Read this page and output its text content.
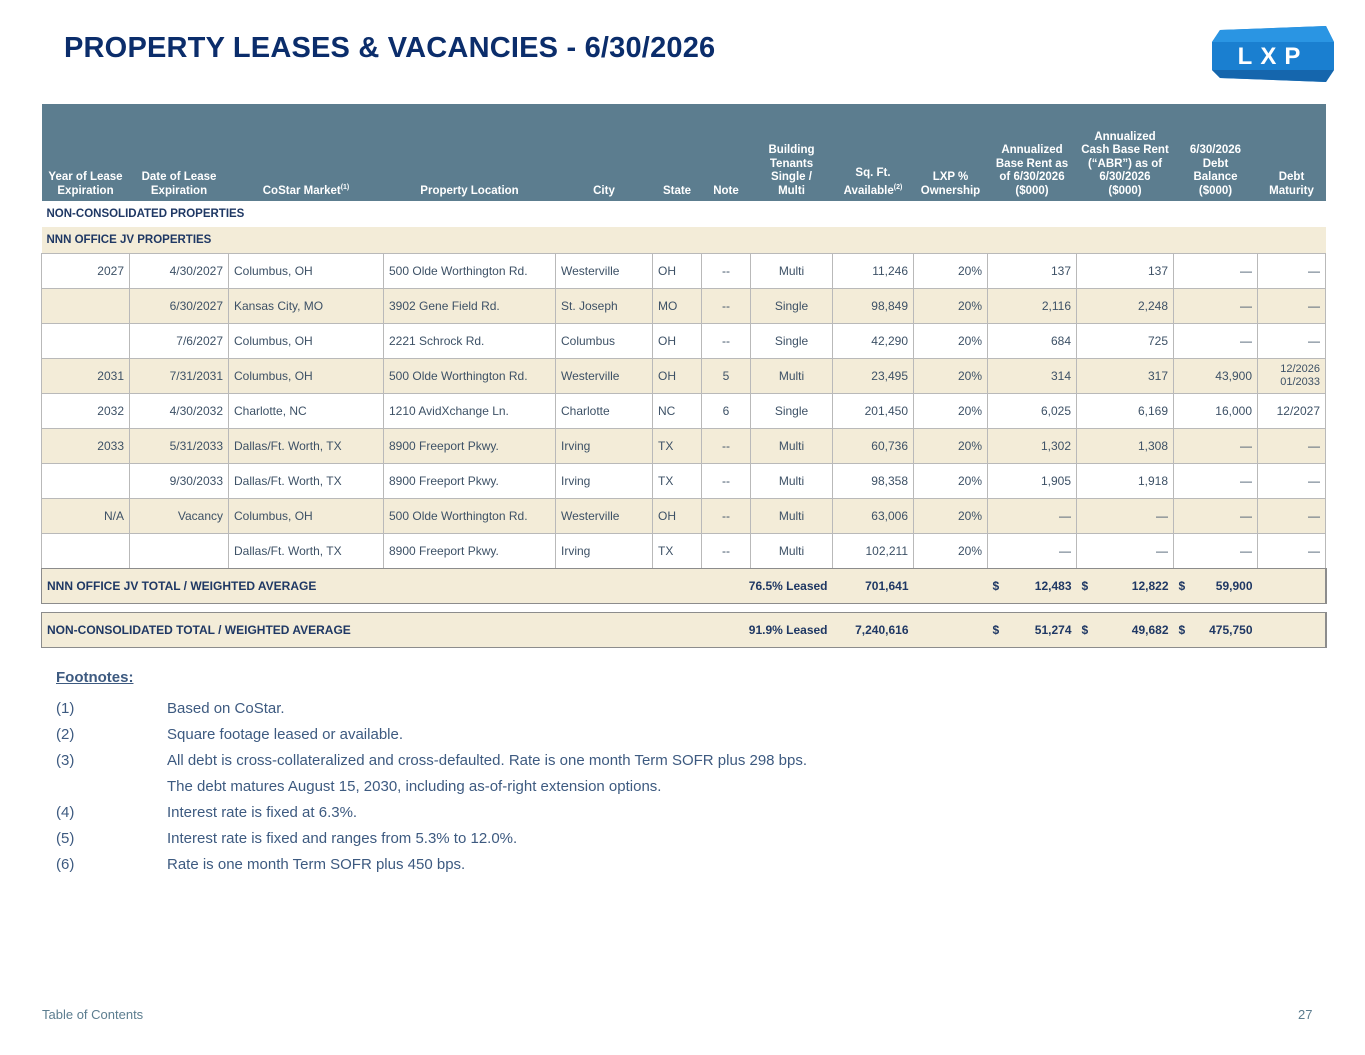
PROPERTY LEASES & VACANCIES - 6/30/2026	LXP
Year of Lease
Expiration	Date of Lease
Expiration	CoStar Market$^{(1)}$	Property Location	City	State	Note	Building
Tenants
Single /
Multi	Sq. Ft.
Available$^{(2)}$	LXP %
Ownership	Annualized
Base Rent as
of 6/30/2026
($000)	Annualized
Cash Base Rent
(“ABR”) as of
6/30/2026
($000)	6/30/2026
Debt
Balance
($000)	Debt
Maturity
NON-CONSOLIDATED PROPERTIES													
NNN OFFICE JV PROPERTIES													
2027	4/30/2027	Columbus, OH	500 Olde Worthington Rd.	Westerville	OH	--	Multi	11,246	20%	137	137	—	—
	6/30/2027	Kansas City, MO	3902 Gene Field Rd.	St. Joseph	MO	--	Single	98,849	20%	2,116	2,248	—	—
	7/6/2027	Columbus, OH	2221 Schrock Rd.	Columbus	OH	--	Single	42,290	20%	684	725	—	—
2031	7/31/2031	Columbus, OH	500 Olde Worthington Rd.	Westerville	OH	5	Multi	23,495	20%	314	317	43,900	12/2026
01/2033
2032	4/30/2032	Charlotte, NC	1210 AvidXchange Ln.	Charlotte	NC	6	Single	201,450	20%	6,025	6,169	16,000	12/2027
2033	5/31/2033	Dallas/Ft. Worth, TX	8900 Freeport Pkwy.	Irving	TX	--	Multi	60,736	20%	1,302	1,308	—	—
	9/30/2033	Dallas/Ft. Worth, TX	8900 Freeport Pkwy.	Irving	TX	--	Multi	98,358	20%	1,905	1,918	—	—
N/A	Vacancy	Columbus, OH	500 Olde Worthington Rd.	Westerville	OH	--	Multi	63,006	20%	—	—	—	—
		Dallas/Ft. Worth, TX	8900 Freeport Pkwy.	Irving	TX	--	Multi	102,211	20%	—	—	—	—
NNN OFFICE JV TOTAL / WEIGHTED AVERAGE					76.5% Leased			701,641		$ 12,483	$ 12,822	$ 59,900	

NON-CONSOLIDATED TOTAL / WEIGHTED AVERAGE					91.9% Leased			7,240,616		$ 51,274	$ 49,682	$ 475,750	
Footnotes:
(1)	Based on CoStar.
(2)	Square footage leased or available.
(3)	All debt is cross-collateralized and cross-defaulted. Rate is one month Term SOFR plus 298 bps.
The debt matures August 15, 2030, including as-of-right extension options.
(4)	Interest rate is fixed at 6.3%.
(5)	Interest rate is fixed and ranges from 5.3% to 12.0%.
(6)	Rate is one month Term SOFR plus 450 bps.
Table of Contents	27
